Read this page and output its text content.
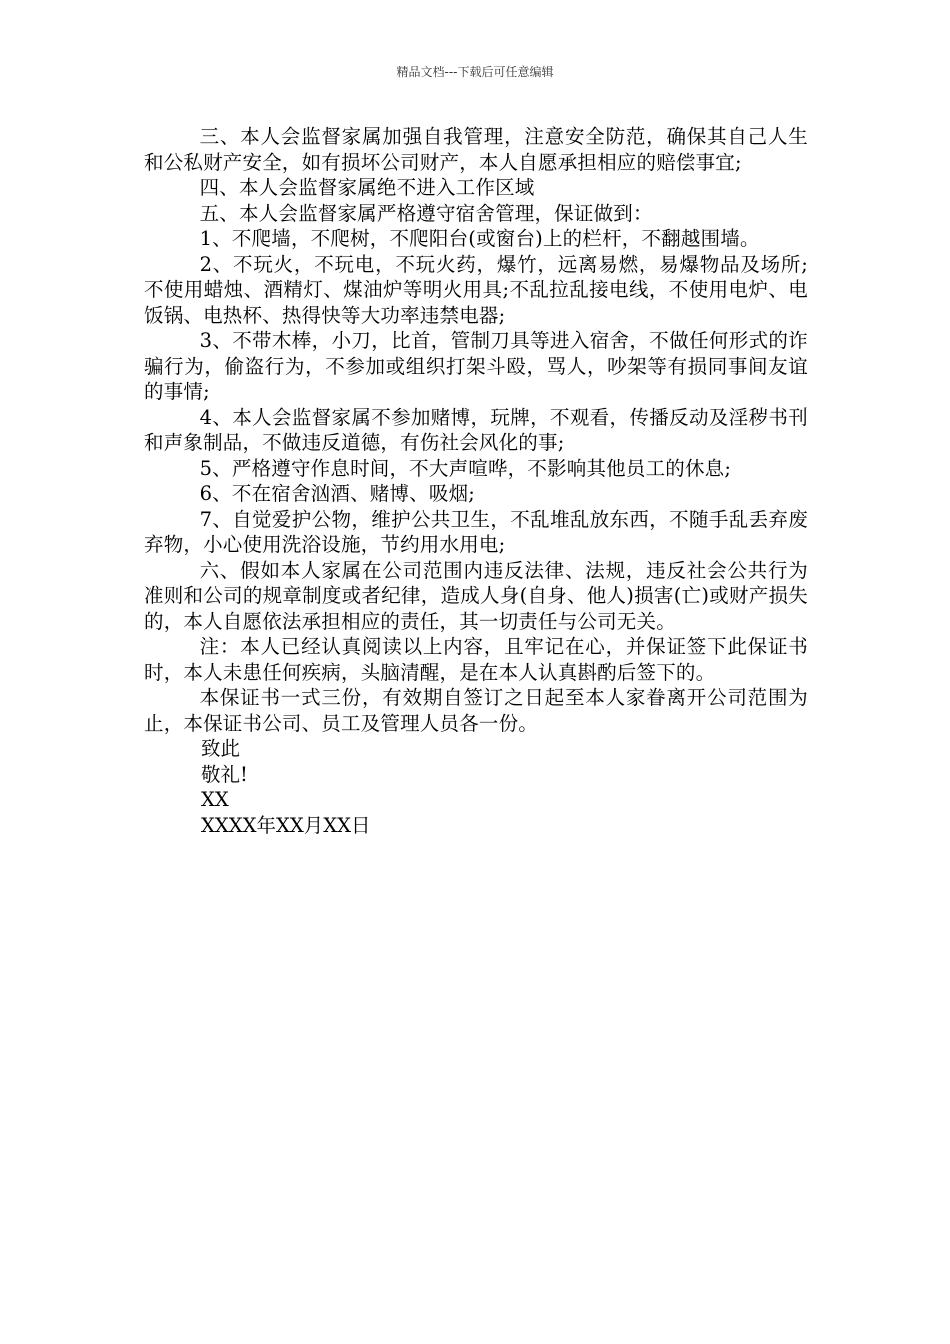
精品文档---下载后可任意编辑

三、本人会监督家属加强自我管理，注意安全防范，确保其自己人生和公私财产安全，如有损坏公司财产，本人自愿承担相应的赔偿事宜;

四、本人会监督家属绝不进入工作区域

五、本人会监督家属严格遵守宿舍管理，保证做到：

1、不爬墙，不爬树，不爬阳台(或窗台)上的栏杆，不翻越围墙。

2、不玩火，不玩电，不玩火药，爆竹，远离易燃，易爆物品及场所;不使用蜡烛、酒精灯、煤油炉等明火用具;不乱拉乱接电线，不使用电炉、电饭锅、电热杯、热得快等大功率违禁电器;

3、不带木棒，小刀，比首，管制刀具等进入宿舍，不做任何形式的诈骗行为，偷盗行为，不参加或组织打架斗殴，骂人，吵架等有损同事间友谊的事情;

4、本人会监督家属不参加赌博，玩牌，不观看，传播反动及淫秽书刊和声象制品，不做违反道德，有伤社会风化的事;

5、严格遵守作息时间，不大声喧哗，不影响其他员工的休息;

6、不在宿舍汹酒、赌博、吸烟;

7、自觉爱护公物，维护公共卫生，不乱堆乱放东西，不随手乱丢弃废弃物，小心使用洗浴设施，节约用水用电;

六、假如本人家属在公司范围内违反法律、法规，违反社会公共行为准则和公司的规章制度或者纪律，造成人身(自身、他人)损害(亡)或财产损失的，本人自愿依法承担相应的责任，其一切责任与公司无关。

注：本人已经认真阅读以上内容，且牢记在心，并保证签下此保证书时，本人未患任何疾病，头脑清醒，是在本人认真斟酌后签下的。

本保证书一式三份，有效期自签订之日起至本人家眷离开公司范围为止，本保证书公司、员工及管理人员各一份。

致此

敬礼!

XX

XXXX年XX月XX日
